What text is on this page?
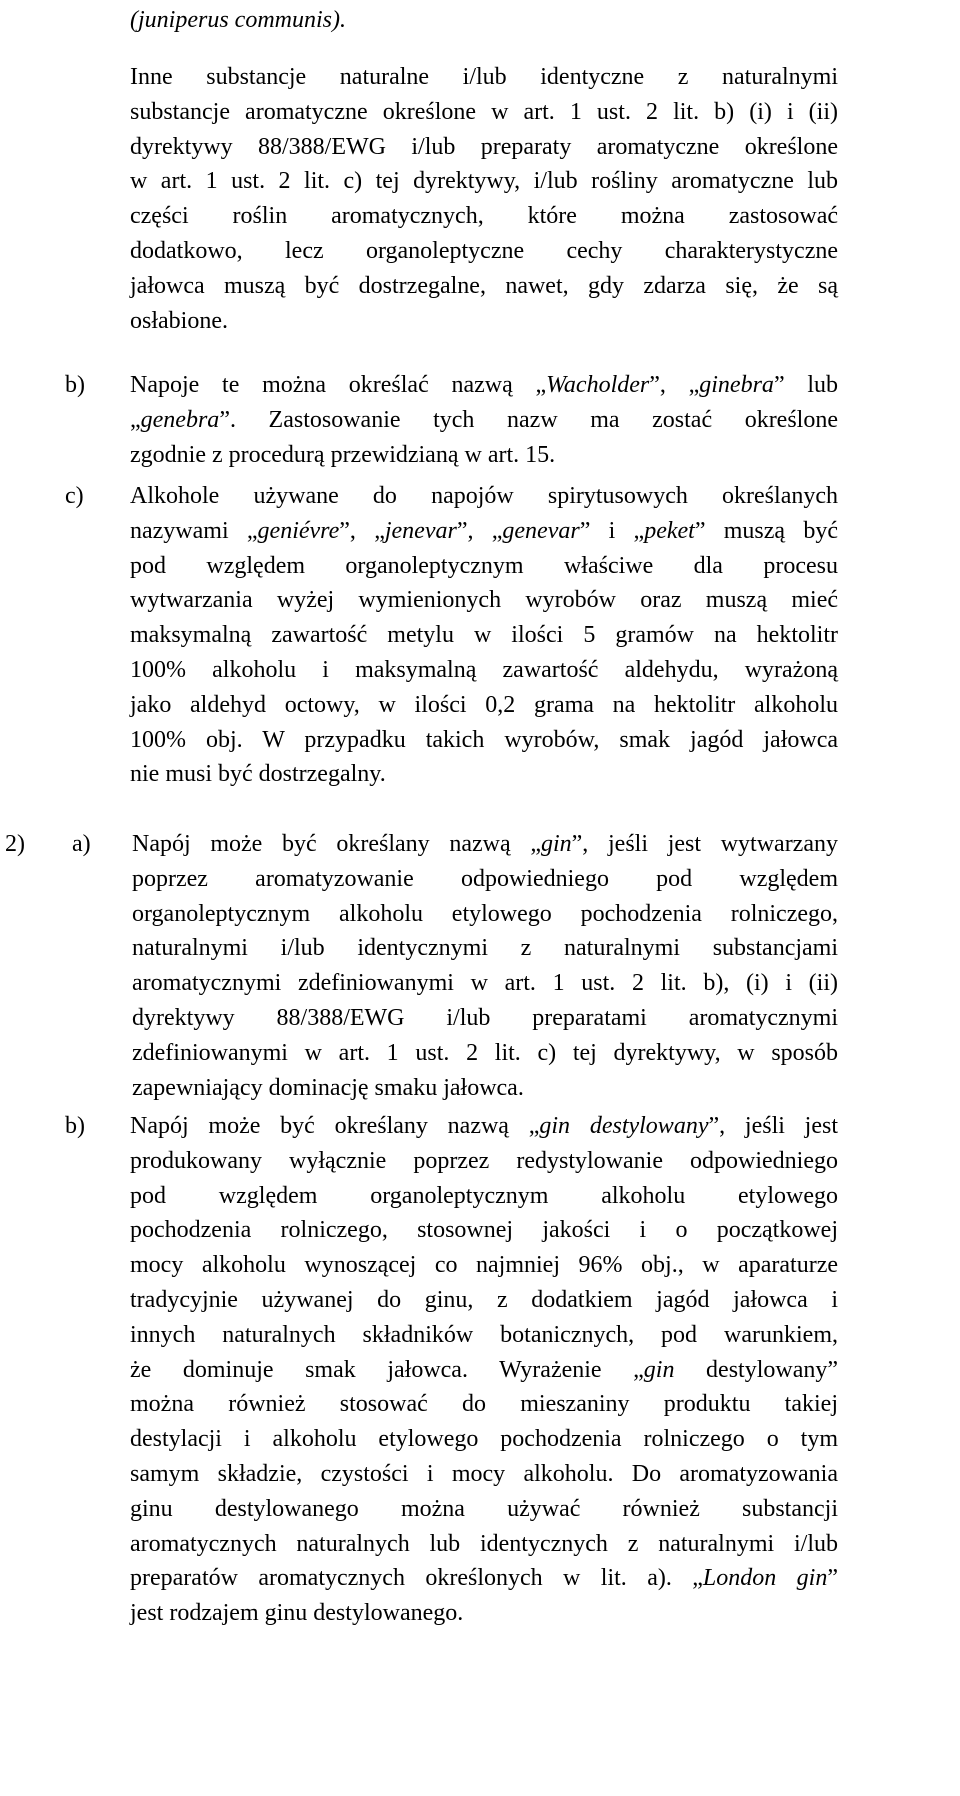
(juniperus communis).
Inne substancje naturalne i/lub identyczne z naturalnymi
substancje aromatyczne określone w art. 1 ust. 2 lit. b) (i) i (ii)
dyrektywy 88/388/EWG i/lub preparaty aromatyczne określone
w art. 1 ust. 2 lit. c) tej dyrektywy, i/lub rośliny aromatyczne lub
części roślin aromatycznych, które można zastosować
dodatkowo, lecz organoleptyczne cechy charakterystyczne
jałowca muszą być dostrzegalne, nawet, gdy zdarza się, że są
osłabione.
b) Napoje te można określać nazwą „Wacholder”, „ginebra” lub
„genebra”. Zastosowanie tych nazw ma zostać określone
zgodnie z procedurą przewidzianą w art. 15.
c) Alkohole używane do napojów spirytusowych określanych
nazywami „geniévre”, „jenevar”, „genevar” i „peket” muszą być
pod względem organoleptycznym właściwe dla procesu
wytwarzania wyżej wymienionych wyrobów oraz muszą mieć
maksymalną zawartość metylu w ilości 5 gramów na hektolitr
100% alkoholu i maksymalną zawartość aldehydu, wyrażoną
jako aldehyd octowy, w ilości 0,2 grama na hektolitr alkoholu
100% obj. W przypadku takich wyrobów, smak jagód jałowca
nie musi być dostrzegalny.
2) a) Napój może być określany nazwą „gin”, jeśli jest wytwarzany
poprzez aromatyzowanie odpowiedniego pod względem
organoleptycznym alkoholu etylowego pochodzenia rolniczego,
naturalnymi i/lub identycznymi z naturalnymi substancjami
aromatycznymi zdefiniowanymi w art. 1 ust. 2 lit. b), (i) i (ii)
dyrektywy 88/388/EWG i/lub preparatami aromatycznymi
zdefiniowanymi w art. 1 ust. 2 lit. c) tej dyrektywy, w sposób
zapewniający dominację smaku jałowca.
b) Napój może być określany nazwą „gin destylowany”, jeśli jest
produkowany wyłącznie poprzez redystylowanie odpowiedniego
pod względem organoleptycznym alkoholu etylowego
pochodzenia rolniczego, stosownej jakości i o początkowej
mocy alkoholu wynoszącej co najmniej 96% obj., w aparaturze
tradycyjnie używanej do ginu, z dodatkiem jagód jałowca i
innych naturalnych składników botanicznych, pod warunkiem,
że dominuje smak jałowca. Wyrażenie „gin destylowany”
można również stosować do mieszaniny produktu takiej
destylacji i alkoholu etylowego pochodzenia rolniczego o tym
samym składzie, czystości i mocy alkoholu. Do aromatyzowania
ginu destylowanego można używać również substancji
aromatycznych naturalnych lub identycznych z naturalnymi i/lub
preparatów aromatycznych określonych w lit. a). „London gin”
jest rodzajem ginu destylowanego.
